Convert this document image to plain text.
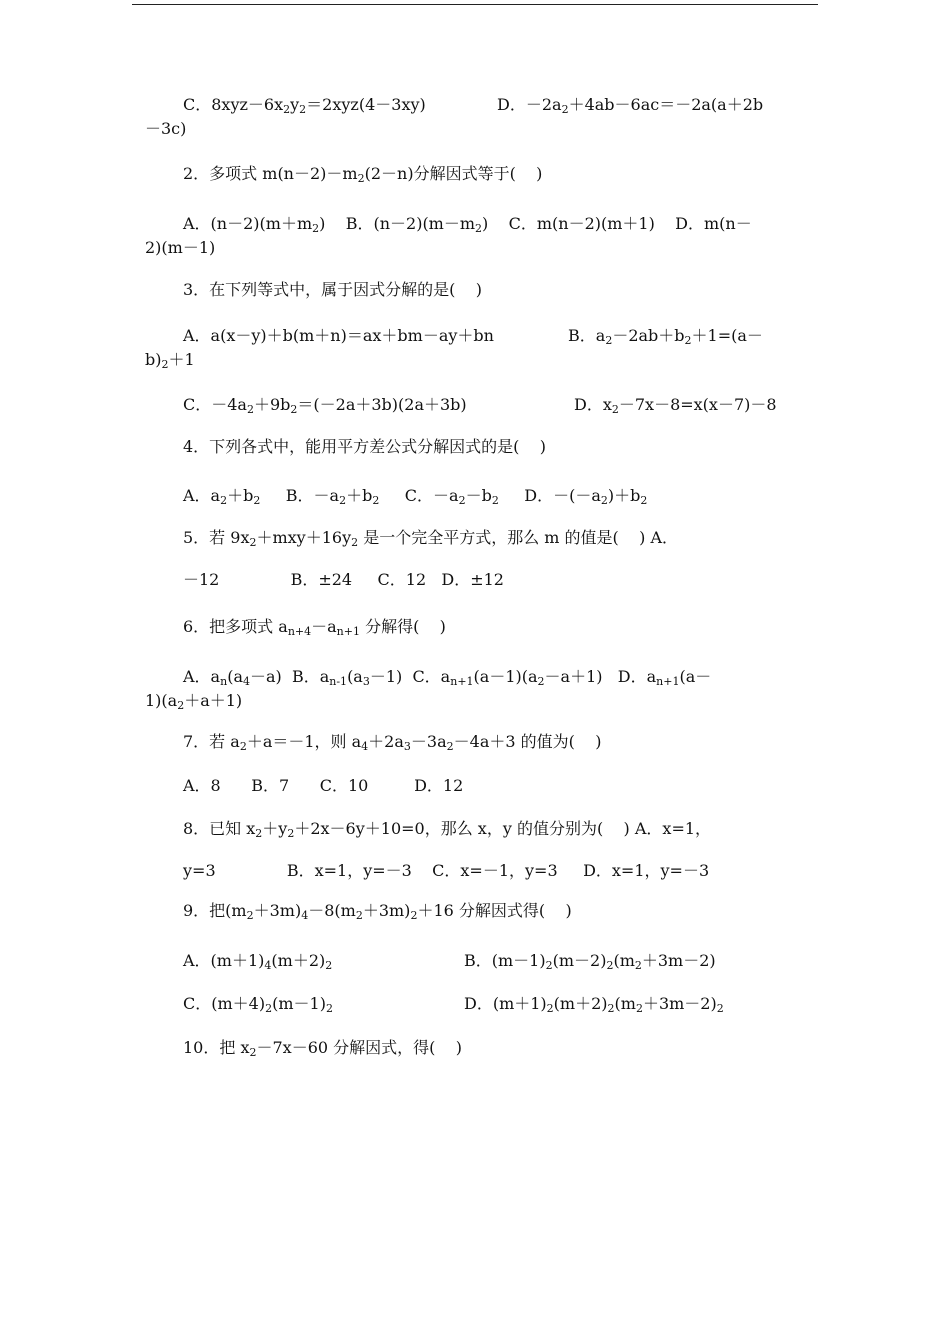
C．$8xyz-6x_2y_2=2xyz(4-3xy)$	D．$-2a_2+4ab-6ac=-2a(a+2b$
－3c)
2．多项式 $m(n-2)-m_2(2-n)$分解因式等于(    )
A．$(n-2)(m+m_2)$    B．$(n-2)(m-m_2)$    C．m(n－2)(m＋1)    D．m(n－
2)(m－1)
3．在下列等式中，属于因式分解的是(    )
A．a(x－y)＋b(m＋n)＝ax＋bm－ay＋bn	B．$a_2-2ab+b_2+1=(a-$
$b)_2+1$
C．$-4a_2+9b_2=(-2a+3b)(2a+3b)$	D．$x_2-7x-8=x(x-7)-8$
4．下列各式中，能用平方差公式分解因式的是(    )
A．$a_2+b_2$     B．$-a_2+b_2$     C．$-a_2-b_2$     D．$-(-a_2)+b_2$
5．若 $9x_2+mxy+16y_2$ 是一个完全平方式，那么 m 的值是(    ) A．
－12              B．±24     C．12   D．±12
6．把多项式 $a_{n+4}-a_{n+1}$ 分解得(    )
A．$a_n(a_4-a)$  B．$a_{n-1}(a_3-1)$  C．$a_{n+1}(a-1)(a_2-a+1)$   D．$a_{n+1}(a-$
$1)(a_2+a+1)$
7．若 $a_2+a=-1$，则 $a_4+2a_3-3a_2-4a+3$ 的值为(    )
A．8      B．7      C．10         D．12
8．已知 $x_2+y_2+2x-6y+10=0$，那么 x，y 的值分别为(    ) A．x=1，
y=3              B．x=1，y=－3    C．x=－1，y=3     D．x=1，y=－3
9．把$(m_2+3m)_4-8(m_2+3m)_2+16$ 分解因式得(    )
A．$(m+1)_4(m+2)_2$	B．$(m-1)_2(m-2)_2(m_2+3m-2)$
C．$(m+4)_2(m-1)_2$	D．$(m+1)_2(m+2)_2(m_2+3m-2)_2$
10．把 $x_2-7x-60$ 分解因式，得(    )
